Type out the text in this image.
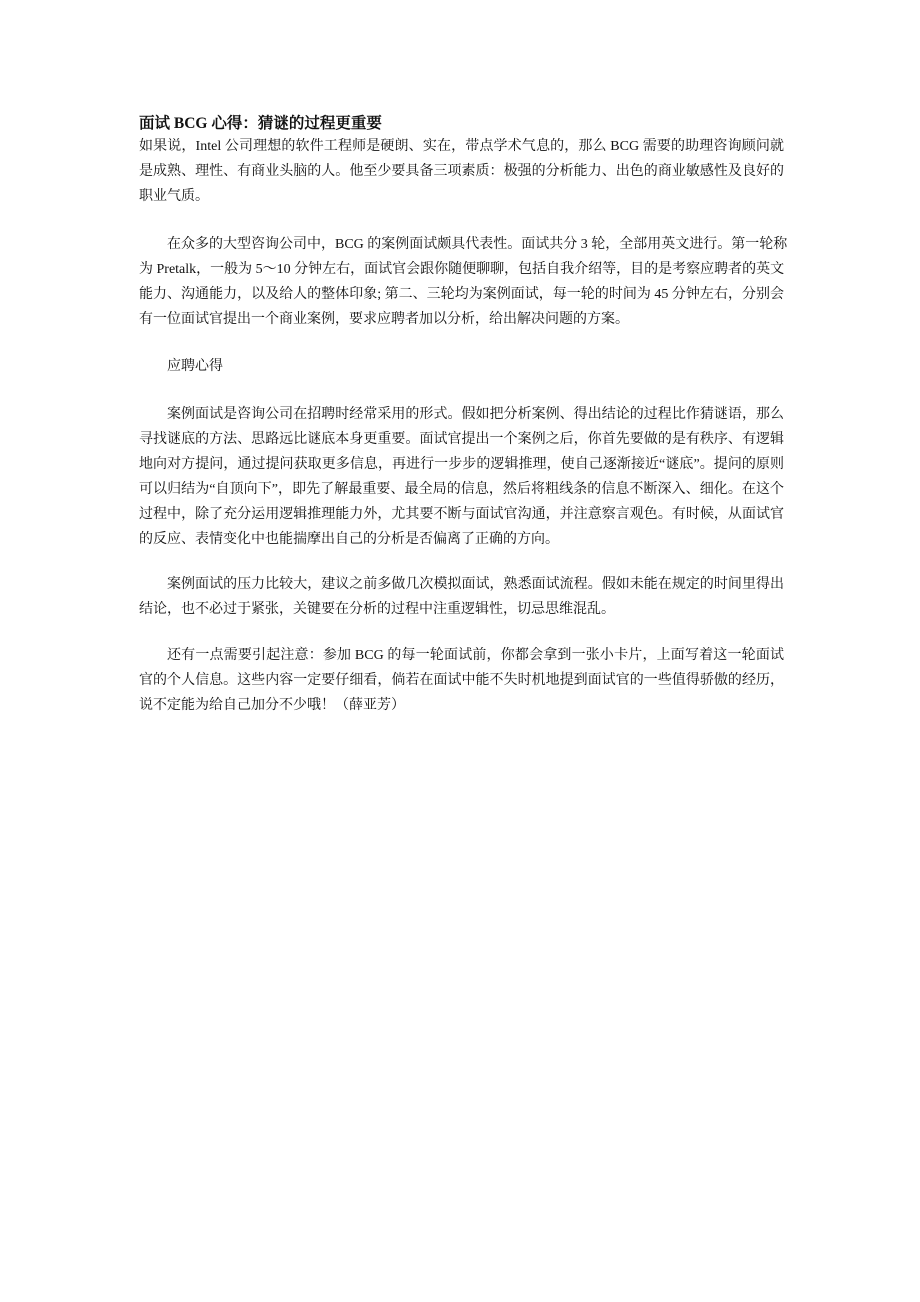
面试 BCG 心得：猜谜的过程更重要
如果说，Intel 公司理想的软件工程师是硬朗、实在，带点学术气息的，那么 BCG 需要的助理咨询顾问就
是成熟、理性、有商业头脑的人。他至少要具备三项素质：极强的分析能力、出色的商业敏感性及良好的
职业气质。
在众多的大型咨询公司中，BCG 的案例面试颇具代表性。面试共分 3 轮，全部用英文进行。第一轮称
为 Pretalk，一般为 5～10 分钟左右，面试官会跟你随便聊聊，包括自我介绍等，目的是考察应聘者的英文
能力、沟通能力，以及给人的整体印象; 第二、三轮均为案例面试，每一轮的时间为 45 分钟左右，分别会
有一位面试官提出一个商业案例，要求应聘者加以分析，给出解决问题的方案。
应聘心得
案例面试是咨询公司在招聘时经常采用的形式。假如把分析案例、得出结论的过程比作猜谜语，那么
寻找谜底的方法、思路远比谜底本身更重要。面试官提出一个案例之后，你首先要做的是有秩序、有逻辑
地向对方提问，通过提问获取更多信息，再进行一步步的逻辑推理，使自己逐渐接近“谜底”。提问的原则
可以归结为“自顶向下”，即先了解最重要、最全局的信息，然后将粗线条的信息不断深入、细化。在这个
过程中，除了充分运用逻辑推理能力外，尤其要不断与面试官沟通，并注意察言观色。有时候，从面试官
的反应、表情变化中也能揣摩出自己的分析是否偏离了正确的方向。
案例面试的压力比较大，建议之前多做几次模拟面试，熟悉面试流程。假如未能在规定的时间里得出
结论，也不必过于紧张，关键要在分析的过程中注重逻辑性，切忌思维混乱。
还有一点需要引起注意：参加 BCG 的每一轮面试前，你都会拿到一张小卡片，上面写着这一轮面试
官的个人信息。这些内容一定要仔细看，倘若在面试中能不失时机地提到面试官的一些值得骄傲的经历，
说不定能为给自己加分不少哦！（薛亚芳）
